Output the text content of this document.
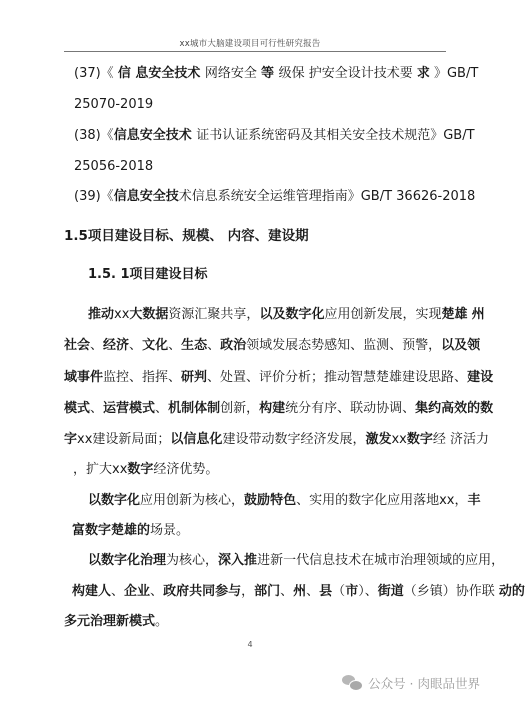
xx城市大脑建设项目可行性研究报告
(37)《 信 息安全技术 网络安全 等 级保 护安全设计技术要 求 》GB/T
25070-2019
(38)《信息安全技术 证书认证系统密码及其相关安全技术规范》GB/T
25056-2018
(39)《信息安全技术信息系统安全运维管理指南》GB/T 36626-2018
1.5项目建设目标、规模、 内容、建设期
1.5. 1项目建设目标
推动xx大数据资源汇聚共享，以及数字化应用创新发展，实现楚雄 州
社会、经济、文化、生态、政治领域发展态势感知、监测、预警，以及领
域事件监控、指挥、研判、处置、评价分析；推动智慧楚雄建设思路、建设
模式、运营模式、机制体制创新，构建统分有序、联动协调、集约高效的数
字xx建设新局面；以信息化建设带动数字经济发展，激发xx数字经 济活力
，扩大xx数字经济优势。
以数字化应用创新为核心，鼓励特色、实用的数字化应用落地xx，丰
富数字楚雄的场景。
以数字化治理为核心，深入推进新一代信息技术在城市治理领域的应用，
构建人、企业、政府共同参与，部门、州、县（市）、街道（乡镇）协作联 动的
多元治理新模式。
4
公众号 · 肉眼品世界
